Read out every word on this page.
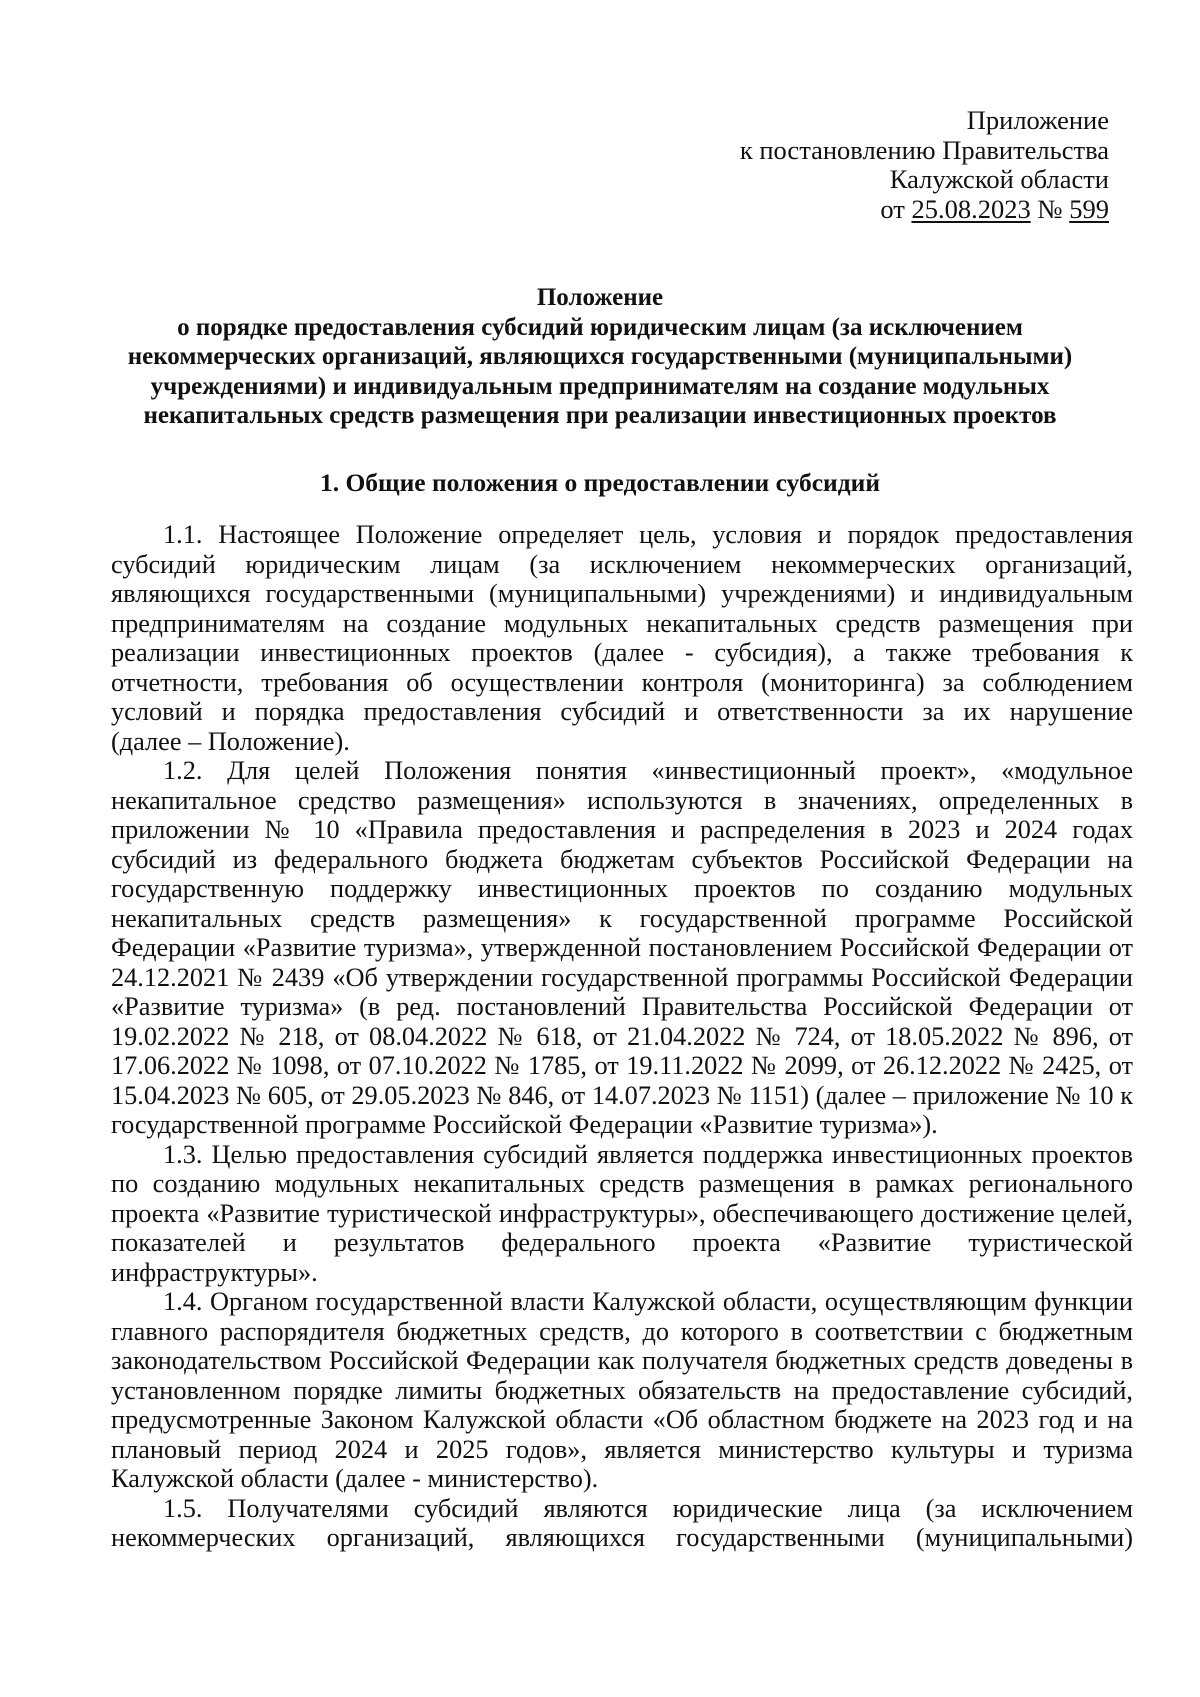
Приложение
к постановлению Правительства
Калужской области
от 25.08.2023 № 599
Положение
о порядке предоставления субсидий юридическим лицам (за исключением
некоммерческих организаций, являющихся государственными (муниципальными)
учреждениями) и индивидуальным предпринимателям на создание модульных
некапитальных средств размещения при реализации инвестиционных проектов
1. Общие положения о предоставлении субсидий
1.1. Настоящее Положение определяет цель, условия и порядок предоставления
субсидий юридическим лицам (за исключением некоммерческих организаций,
являющихся государственными (муниципальными) учреждениями) и индивидуальным
предпринимателям на создание модульных некапитальных средств размещения при
реализации инвестиционных проектов (далее - субсидия), а также требования к
отчетности, требования об осуществлении контроля (мониторинга) за соблюдением
условий и порядка предоставления субсидий и ответственности за их нарушение
(далее – Положение).
1.2. Для целей Положения понятия «инвестиционный проект», «модульное
некапитальное средство размещения» используются в значениях, определенных в
приложении № 10 «Правила предоставления и распределения в 2023 и 2024 годах
субсидий из федерального бюджета бюджетам субъектов Российской Федерации на
государственную поддержку инвестиционных проектов по созданию модульных
некапитальных средств размещения» к государственной программе Российской
Федерации «Развитие туризма», утвержденной постановлением Российской Федерации от
24.12.2021 № 2439 «Об утверждении государственной программы Российской Федерации
«Развитие туризма» (в ред. постановлений Правительства Российской Федерации от
19.02.2022 № 218, от 08.04.2022 № 618, от 21.04.2022 № 724, от 18.05.2022 № 896, от
17.06.2022 № 1098, от 07.10.2022 № 1785, от 19.11.2022 № 2099, от 26.12.2022 № 2425, от
15.04.2023 № 605, от 29.05.2023 № 846, от 14.07.2023 № 1151) (далее – приложение № 10 к
государственной программе Российской Федерации «Развитие туризма»).
1.3. Целью предоставления субсидий является поддержка инвестиционных проектов
по созданию модульных некапитальных средств размещения в рамках регионального
проекта «Развитие туристической инфраструктуры», обеспечивающего достижение целей,
показателей и результатов федерального проекта «Развитие туристической
инфраструктуры».
1.4. Органом государственной власти Калужской области, осуществляющим функции
главного распорядителя бюджетных средств, до которого в соответствии с бюджетным
законодательством Российской Федерации как получателя бюджетных средств доведены в
установленном порядке лимиты бюджетных обязательств на предоставление субсидий,
предусмотренные Законом Калужской области «Об областном бюджете на 2023 год и на
плановый период 2024 и 2025 годов», является министерство культуры и туризма
Калужской области (далее - министерство).
1.5. Получателями субсидий являются юридические лица (за исключением
некоммерческих организаций, являющихся государственными (муниципальными)
